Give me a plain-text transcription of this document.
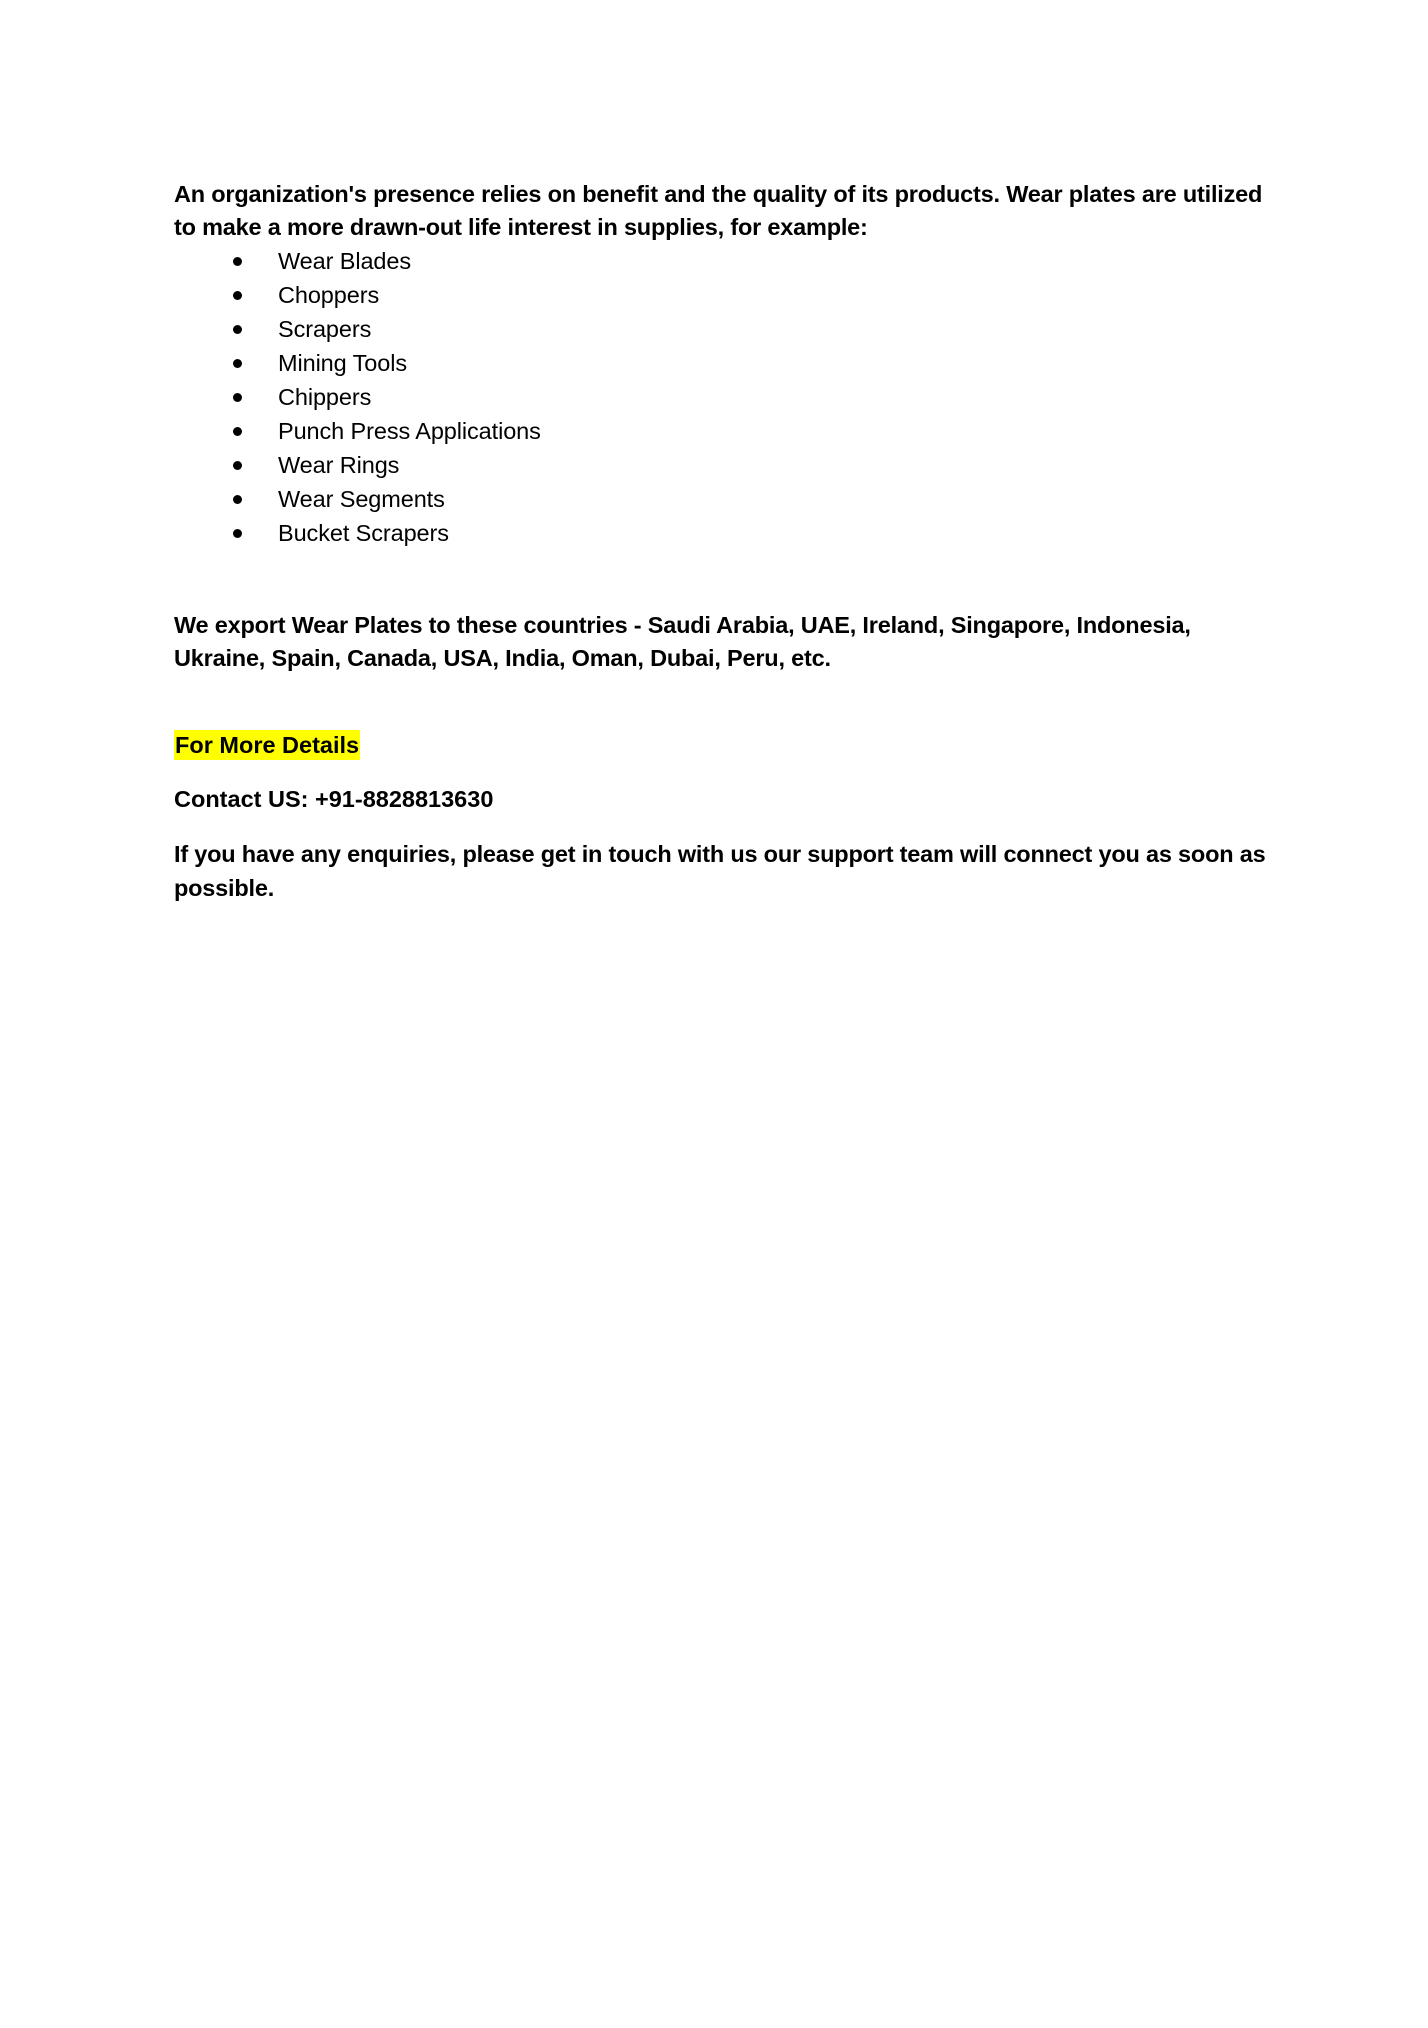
An organization's presence relies on benefit and the quality of its products. Wear plates are utilized to make a more drawn-out life interest in supplies, for example:

Wear Blades
Choppers
Scrapers
Mining Tools
Chippers
Punch Press Applications
Wear Rings
Wear Segments
Bucket Scrapers

We export Wear Plates to these countries - Saudi Arabia, UAE, Ireland, Singapore, Indonesia, Ukraine, Spain, Canada, USA, India, Oman, Dubai, Peru, etc.

For More Details

Contact US: +91-8828813630

If you have any enquiries, please get in touch with us our support team will connect you as soon as possible.
